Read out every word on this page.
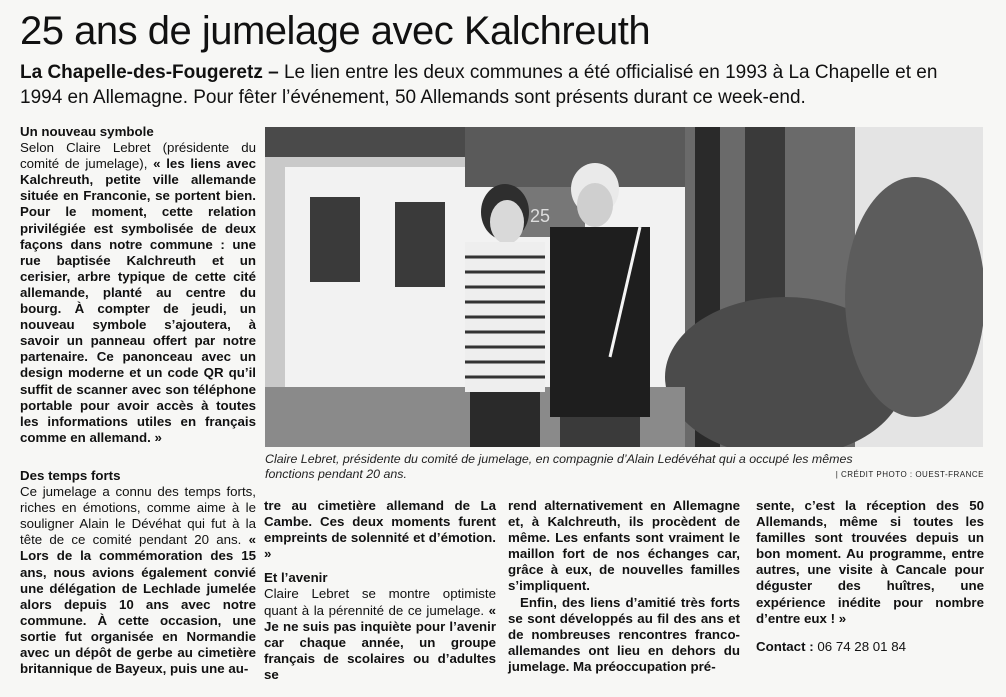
25 ans de jumelage avec Kalchreuth

La Chapelle-des-Fougeretz – Le lien entre les deux communes a été officialisé en 1993 à La Chapelle et en 1994 en Allemagne. Pour fêter l’événement, 50 Allemands sont présents durant ce week-end.

Un nouveau symbole
Selon Claire Lebret (présidente du comité de jumelage), « les liens avec Kalchreuth, petite ville allemande située en Franconie, se portent bien. Pour le moment, cette relation privilégiée est symbolisée de deux façons dans notre commune : une rue baptisée Kalchreuth et un cerisier, arbre typique de cette cité allemande, planté au centre du bourg. À compter de jeudi, un nouveau symbole s’ajoutera, à savoir un panneau offert par notre partenaire. Ce panonceau avec un design moderne et un code QR qu’il suffit de scanner avec son téléphone portable pour avoir accès à toutes les informations utiles en français comme en allemand. »

Des temps forts
Ce jumelage a connu des temps forts, riches en émotions, comme aime à le souligner Alain le Dévéhat qui fut à la tête de ce comité pendant 20 ans. « Lors de la commémoration des 15 ans, nous avions également convié une délégation de Lechlade jumelée alors depuis 10 ans avec notre commune. À cette occasion, une sortie fut organisée en Normandie avec un dépôt de gerbe au cimetière britannique de Bayeux, puis une au-

25
Claire Lebret, présidente du comité de jumelage, en compagnie d’Alain Ledévéhat qui a occupé les mêmes fonctions pendant 20 ans.	| CRÉDIT PHOTO : OUEST-FRANCE

tre au cimetière allemand de La Cambe. Ces deux moments furent empreints de solennité et d’émotion. »

Et l’avenir
Claire Lebret se montre optimiste quant à la pérennité de ce jumelage. « Je ne suis pas inquiète pour l’avenir car chaque année, un groupe français de scolaires ou d’adultes se

rend alternativement en Allemagne et, à Kalchreuth, ils procèdent de même. Les enfants sont vraiment le maillon fort de nos échanges car, grâce à eux, de nouvelles familles s’impliquent.

Enfin, des liens d’amitié très forts se sont développés au fil des ans et de nombreuses rencontres franco-allemandes ont lieu en dehors du jumelage. Ma préoccupation pré-

sente, c’est la réception des 50 Allemands, même si toutes les familles sont trouvées depuis un bon moment. Au programme, entre autres, une visite à Cancale pour déguster des huîtres, une expérience inédite pour nombre d’entre eux ! »

Contact : 06 74 28 01 84
